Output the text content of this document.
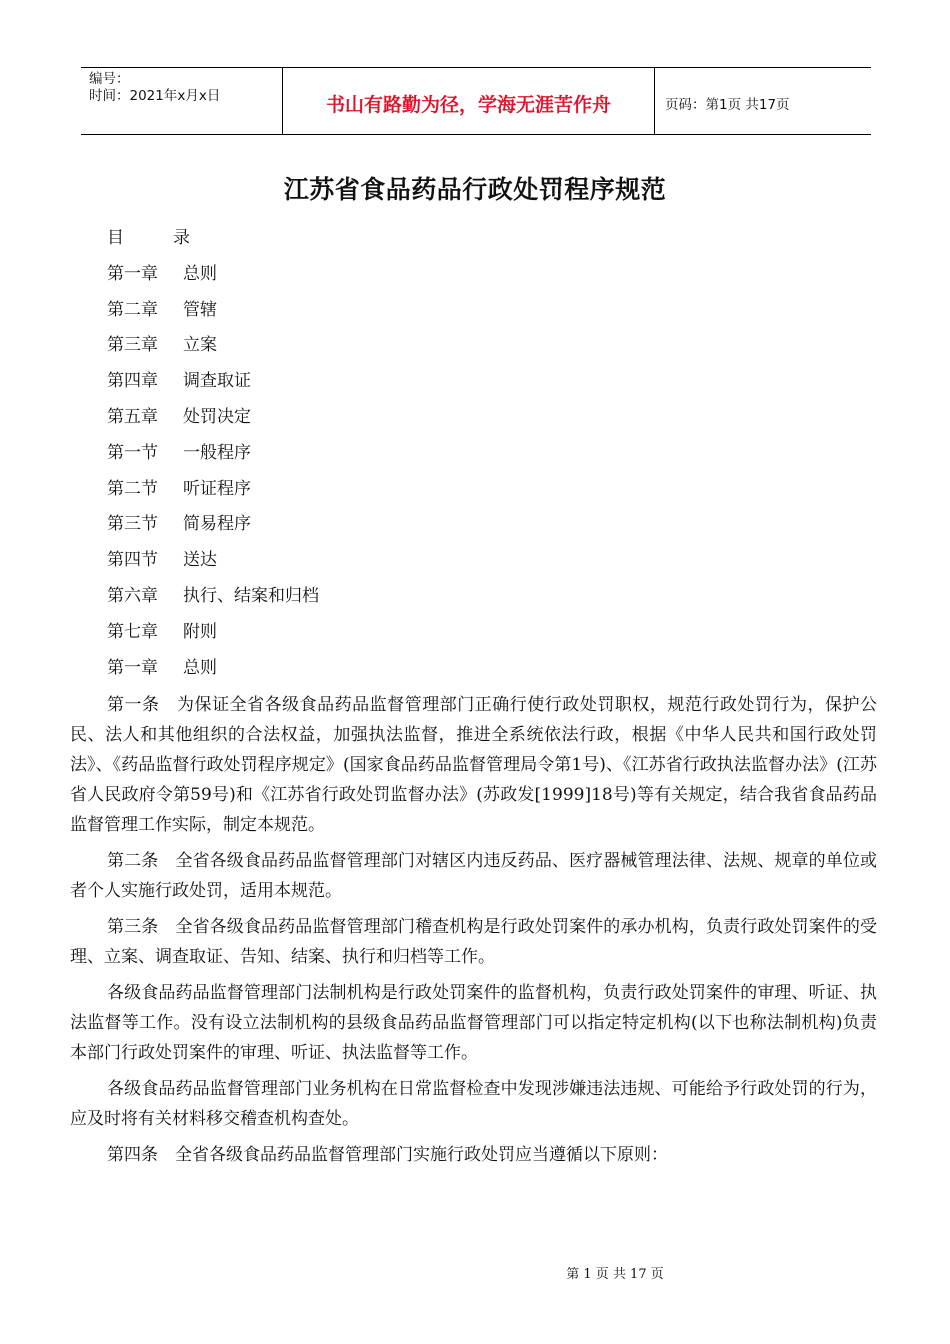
编号：
时间：2021年x月x日	书山有路勤为径，学海无涯苦作舟	页码：第1页 共17页
江苏省食品药品行政处罚程序规范
目	录
第一章 总则
第二章 管辖
第三章 立案
第四章 调查取证
第五章 处罚决定
第一节 一般程序
第二节 听证程序
第三节 简易程序
第四节 送达
第六章 执行、结案和归档
第七章 附则
第一章 总则

第一条　为保证全省各级食品药品监督管理部门正确行使行政处罚职权，规范行政处罚行为，保护公民、法人和其他组织的合法权益，加强执法监督，推进全系统依法行政，根据《中华人民共和国行政处罚法》、《药品监督行政处罚程序规定》(国家食品药品监督管理局令第1号)、《江苏省行政执法监督办法》(江苏省人民政府令第59号)和《江苏省行政处罚监督办法》(苏政发[1999]18号)等有关规定，结合我省食品药品监督管理工作实际，制定本规范。

第二条　全省各级食品药品监督管理部门对辖区内违反药品、医疗器械管理法律、法规、规章的单位或者个人实施行政处罚，适用本规范。

第三条　全省各级食品药品监督管理部门稽查机构是行政处罚案件的承办机构，负责行政处罚案件的受理、立案、调查取证、告知、结案、执行和归档等工作。

各级食品药品监督管理部门法制机构是行政处罚案件的监督机构，负责行政处罚案件的审理、听证、执法监督等工作。没有设立法制机构的县级食品药品监督管理部门可以指定特定机构(以下也称法制机构)负责本部门行政处罚案件的审理、听证、执法监督等工作。

各级食品药品监督管理部门业务机构在日常监督检查中发现涉嫌违法违规、可能给予行政处罚的行为，应及时将有关材料移交稽查机构查处。

第四条　全省各级食品药品监督管理部门实施行政处罚应当遵循以下原则：

第 1 页 共 17 页
